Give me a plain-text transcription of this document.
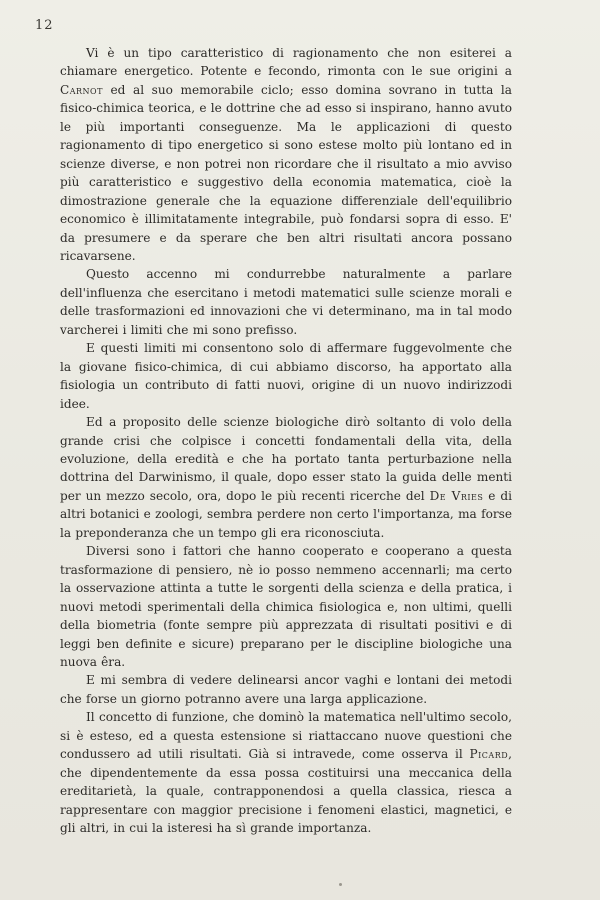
12

Vi è un tipo caratteristico di ragionamento che non esiterei a chiamare energetico. Potente e fecondo, rimonta con le sue origini a Carnot ed al suo memorabile ciclo; esso domina sovrano in tutta la fisico-chimica teorica, e le dottrine che ad esso si inspirano, hanno avuto le più importanti conseguenze. Ma le applicazioni di questo ragionamento di tipo energetico si sono estese molto più lontano ed in scienze diverse, e non potrei non ricordare che il risultato a mio avviso più caratteristico e suggestivo della economia matematica, cioè la dimostrazione generale che la equazione differenziale dell'equilibrio economico è illimitatamente integrabile, può fondarsi sopra di esso. E' da presumere e da sperare che ben altri risultati ancora possano ricavarsene.

Questo accenno mi condurrebbe naturalmente a parlare dell'influenza che esercitano i metodi matematici sulle scienze morali e delle trasformazioni ed innovazioni che vi determinano, ma in tal modo varcherei i limiti che mi sono prefisso.

E questi limiti mi consentono solo di affermare fuggevolmente che la giovane fisico-chimica, di cui abbiamo discorso, ha apportato alla fisiologia un contributo di fatti nuovi, origine di un nuovo indirizzodi idee.

Ed a proposito delle scienze biologiche dirò soltanto di volo della grande crisi che colpisce i concetti fondamentali della vita, della evoluzione, della eredità e che ha portato tanta perturbazione nella dottrina del Darwinismo, il quale, dopo esser stato la guida delle menti per un mezzo secolo, ora, dopo le più recenti ricerche del De Vries e di altri botanici e zoologi, sembra perdere non certo l'importanza, ma forse la preponderanza che un tempo gli era riconosciuta.

Diversi sono i fattori che hanno cooperato e cooperano a questa trasformazione di pensiero, nè io posso nemmeno accennarli; ma certo la osservazione attinta a tutte le sorgenti della scienza e della pratica, i nuovi metodi sperimentali della chimica fisiologica e, non ultimi, quelli della biometria (fonte sempre più apprezzata di risultati positivi e di leggi ben definite e sicure) preparano per le discipline biologiche una nuova êra.

E mi sembra di vedere delinearsi ancor vaghi e lontani dei metodi che forse un giorno potranno avere una larga applicazione.

Il concetto di funzione, che dominò la matematica nell'ultimo secolo, si è esteso, ed a questa estensione si riattaccano nuove questioni che condussero ad utili risultati. Già si intravede, come osserva il Picard, che dipendentemente da essa possa costituirsi una meccanica della ereditarietà, la quale, contrapponendosi a quella classica, riesca a rappresentare con maggior precisione i fenomeni elastici, magnetici, e gli altri, in cui la isteresi ha sì grande importanza.
